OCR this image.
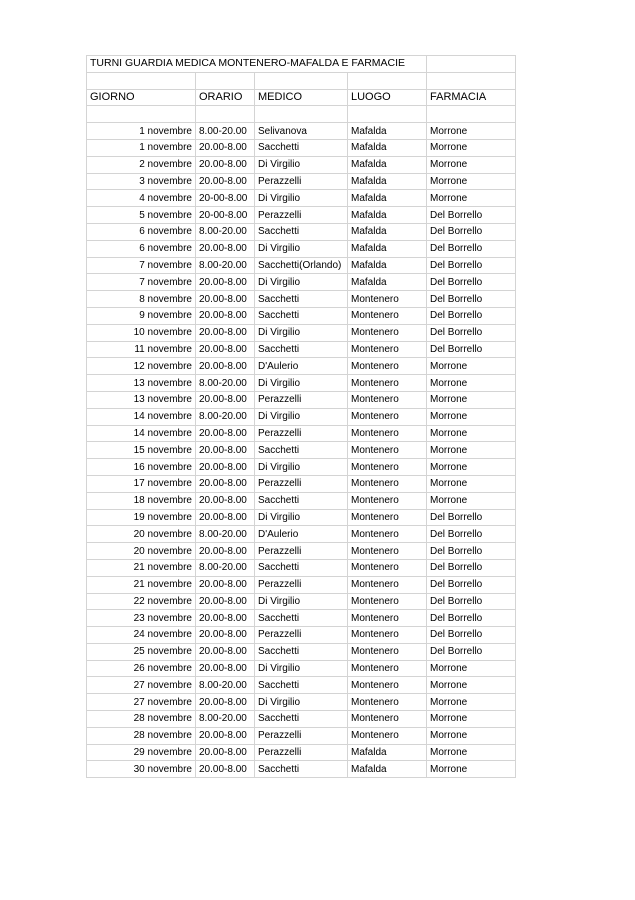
TURNI GUARDIA MEDICA MONTENERO-MAFALDA E FARMACIE				

GIORNO	ORARIO	MEDICO	LUOGO	FARMACIA

1 novembre	8.00-20.00	Selivanova	Mafalda	Morrone
1 novembre	20.00-8.00	Sacchetti	Mafalda	Morrone
2 novembre	20.00-8.00	Di Virgilio	Mafalda	Morrone
3 novembre	20.00-8.00	Perazzelli	Mafalda	Morrone
4 novembre	20-00-8.00	Di Virgilio	Mafalda	Morrone
5 novembre	20-00-8.00	Perazzelli	Mafalda	Del Borrello
6 novembre	8.00-20.00	Sacchetti	Mafalda	Del Borrello
6 novembre	20.00-8.00	Di Virgilio	Mafalda	Del Borrello
7 novembre	8.00-20.00	Sacchetti(Orlando)	Mafalda	Del Borrello
7 novembre	20.00-8.00	Di Virgilio	Mafalda	Del Borrello
8 novembre	20.00-8.00	Sacchetti	Montenero	Del Borrello
9 novembre	20.00-8.00	Sacchetti	Montenero	Del Borrello
10 novembre	20.00-8.00	Di Virgilio	Montenero	Del Borrello
11 novembre	20.00-8.00	Sacchetti	Montenero	Del Borrello
12 novembre	20.00-8.00	D'Aulerio	Montenero	Morrone
13 novembre	8.00-20.00	Di Virgilio	Montenero	Morrone
13 novembre	20.00-8.00	Perazzelli	Montenero	Morrone
14 novembre	8.00-20.00	Di Virgilio	Montenero	Morrone
14 novembre	20.00-8.00	Perazzelli	Montenero	Morrone
15 novembre	20.00-8.00	Sacchetti	Montenero	Morrone
16 novembre	20.00-8.00	Di Virgilio	Montenero	Morrone
17 novembre	20.00-8.00	Perazzelli	Montenero	Morrone
18 novembre	20.00-8.00	Sacchetti	Montenero	Morrone
19 novembre	20.00-8.00	Di Virgilio	Montenero	Del Borrello
20 novembre	8.00-20.00	D'Aulerio	Montenero	Del Borrello
20 novembre	20.00-8.00	Perazzelli	Montenero	Del Borrello
21 novembre	8.00-20.00	Sacchetti	Montenero	Del Borrello
21 novembre	20.00-8.00	Perazzelli	Montenero	Del Borrello
22 novembre	20.00-8.00	Di Virgilio	Montenero	Del Borrello
23 novembre	20.00-8.00	Sacchetti	Montenero	Del Borrello
24 novembre	20.00-8.00	Perazzelli	Montenero	Del Borrello
25 novembre	20.00-8.00	Sacchetti	Montenero	Del Borrello
26 novembre	20.00-8.00	Di Virgilio	Montenero	Morrone
27 novembre	8.00-20.00	Sacchetti	Montenero	Morrone
27 novembre	20.00-8.00	Di Virgilio	Montenero	Morrone
28 novembre	8.00-20.00	Sacchetti	Montenero	Morrone
28 novembre	20.00-8.00	Perazzelli	Montenero	Morrone
29 novembre	20.00-8.00	Perazzelli	Mafalda	Morrone
30 novembre	20.00-8.00	Sacchetti	Mafalda	Morrone
